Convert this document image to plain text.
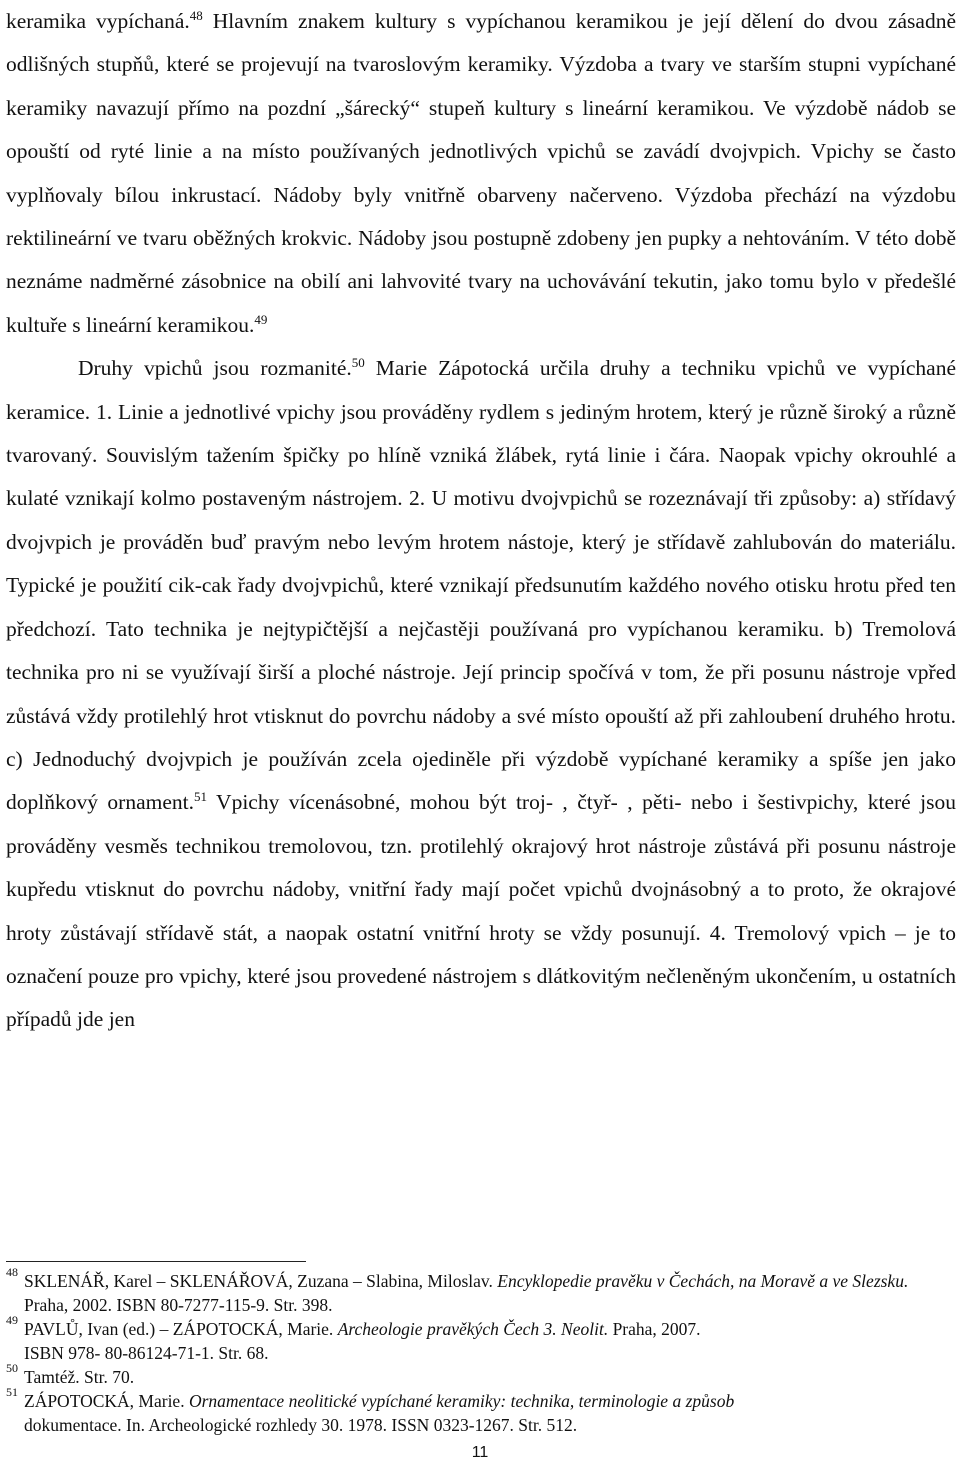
keramika vypíchaná.$^{48}$ Hlavním znakem kultury s vypíchanou keramikou je její dělení do dvou zásadně odlišných stupňů, které se projevují na tvaroslovým keramiky. Výzdoba a tvary ve starším stupni vypíchané keramiky navazují přímo na pozdní „šárecký“ stupeň kultury s lineární keramikou. Ve výzdobě nádob se opouští od ryté linie a na místo používaných jednotlivých vpichů se zavádí dvojvpich. Vpichy se často vyplňovaly bílou inkrustací. Nádoby byly vnitřně obarveny načerveno. Výzdoba přechází na výzdobu rektilineární ve tvaru oběžných krokvic. Nádoby jsou postupně zdobeny jen pupky a nehtováním. V této době neznáme nadměrné zásobnice na obilí ani lahvovité tvary na uchovávání tekutin, jako tomu bylo v předešlé kultuře s lineární keramikou.$^{49}$

Druhy vpichů jsou rozmanité.$^{50}$ Marie Zápotocká určila druhy a techniku vpichů ve vypíchané keramice. 1. Linie a jednotlivé vpichy jsou prováděny rydlem s jediným hrotem, který je různě široký a různě tvarovaný. Souvislým tažením špičky po hlíně vzniká žlábek, rytá linie i čára. Naopak vpichy okrouhlé a kulaté vznikají kolmo postaveným nástrojem. 2. U motivu dvojvpichů se rozeznávají tři způsoby: a) střídavý dvojvpich je prováděn buď pravým nebo levým hrotem nástoje, který je střídavě zahlubován do materiálu. Typické je použití cik-cak řady dvojvpichů, které vznikají předsunutím každého nového otisku hrotu před ten předchozí. Tato technika je nejtypičtější a nejčastěji používaná pro vypíchanou keramiku. b) Tremolová technika pro ni se využívají širší a ploché nástroje. Její princip spočívá v tom, že při posunu nástroje vpřed zůstává vždy protilehlý hrot vtisknut do povrchu nádoby a své místo opouští až při zahloubení druhého hrotu. c) Jednoduchý dvojvpich je používán zcela ojediněle při výzdobě vypíchané keramiky a spíše jen jako doplňkový ornament.$^{51}$ Vpichy vícenásobné, mohou být troj- , čtyř- , pěti- nebo i šestivpichy, které jsou prováděny vesměs technikou tremolovou, tzn. protilehlý okrajový hrot nástroje zůstává při posunu nástroje kupředu vtisknut do povrchu nádoby, vnitřní řady mají počet vpichů dvojnásobný a to proto, že okrajové hroty zůstávají střídavě stát, a naopak ostatní vnitřní hroty se vždy posunují. 4. Tremolový vpich – je to označení pouze pro vpichy, které jsou provedené nástrojem s dlátkovitým nečleněným ukončením, u ostatních případů jde jen

48 SKLENÁŘ, Karel – SKLENÁŘOVÁ, Zuzana – Slabina, Miloslav. Encyklopedie pravěku v Čechách, na Moravě a ve Slezsku. Praha, 2002. ISBN 80-7277-115-9. Str. 398.
49 PAVLŮ, Ivan (ed.) – ZÁPOTOCKÁ, Marie. Archeologie pravěkých Čech 3. Neolit. Praha, 2007.
ISBN 978- 80-86124-71-1. Str. 68.
50 Tamtéž. Str. 70.
51 ZÁPOTOCKÁ, Marie. Ornamentace neolitické vypíchané keramiky: technika, terminologie a způsob
dokumentace. In. Archeologické rozhledy 30. 1978. ISSN 0323-1267. Str. 512.
11
